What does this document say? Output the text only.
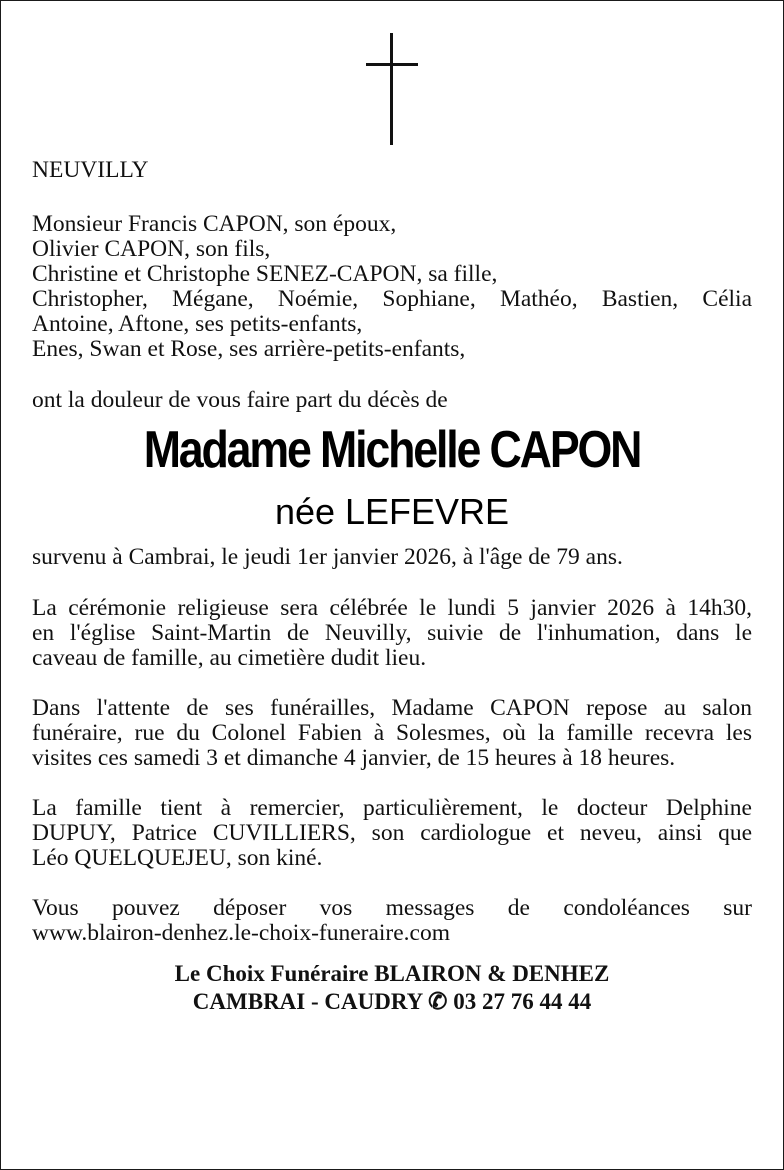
NEUVILLY
Monsieur Francis CAPON, son époux,
Olivier CAPON, son fils,
Christine et Christophe SENEZ-CAPON, sa fille,
Christopher, Mégane, Noémie, Sophiane, Mathéo, Bastien, Célia
Antoine, Aftone, ses petits-enfants,
Enes, Swan et Rose, ses arrière-petits-enfants,
ont la douleur de vous faire part du décès de
Madame Michelle CAPON
née LEFEVRE
survenu à Cambrai, le jeudi 1er janvier 2026, à l'âge de 79 ans.
La cérémonie religieuse sera célébrée le lundi 5 janvier 2026 à 14h30,
en l'église Saint-Martin de Neuvilly, suivie de l'inhumation, dans le
caveau de famille, au cimetière dudit lieu.
Dans l'attente de ses funérailles, Madame CAPON repose au salon
funéraire, rue du Colonel Fabien à Solesmes, où la famille recevra les
visites ces samedi 3 et dimanche 4 janvier, de 15 heures à 18 heures.
La famille tient à remercier, particulièrement, le docteur Delphine
DUPUY, Patrice CUVILLIERS, son cardiologue et neveu, ainsi que
Léo QUELQUEJEU, son kiné.
Vous pouvez déposer vos messages de condoléances sur
www.blairon-denhez.le-choix-funeraire.com
Le Choix Funéraire BLAIRON & DENHEZ
CAMBRAI - CAUDRY ✆ 03 27 76 44 44
